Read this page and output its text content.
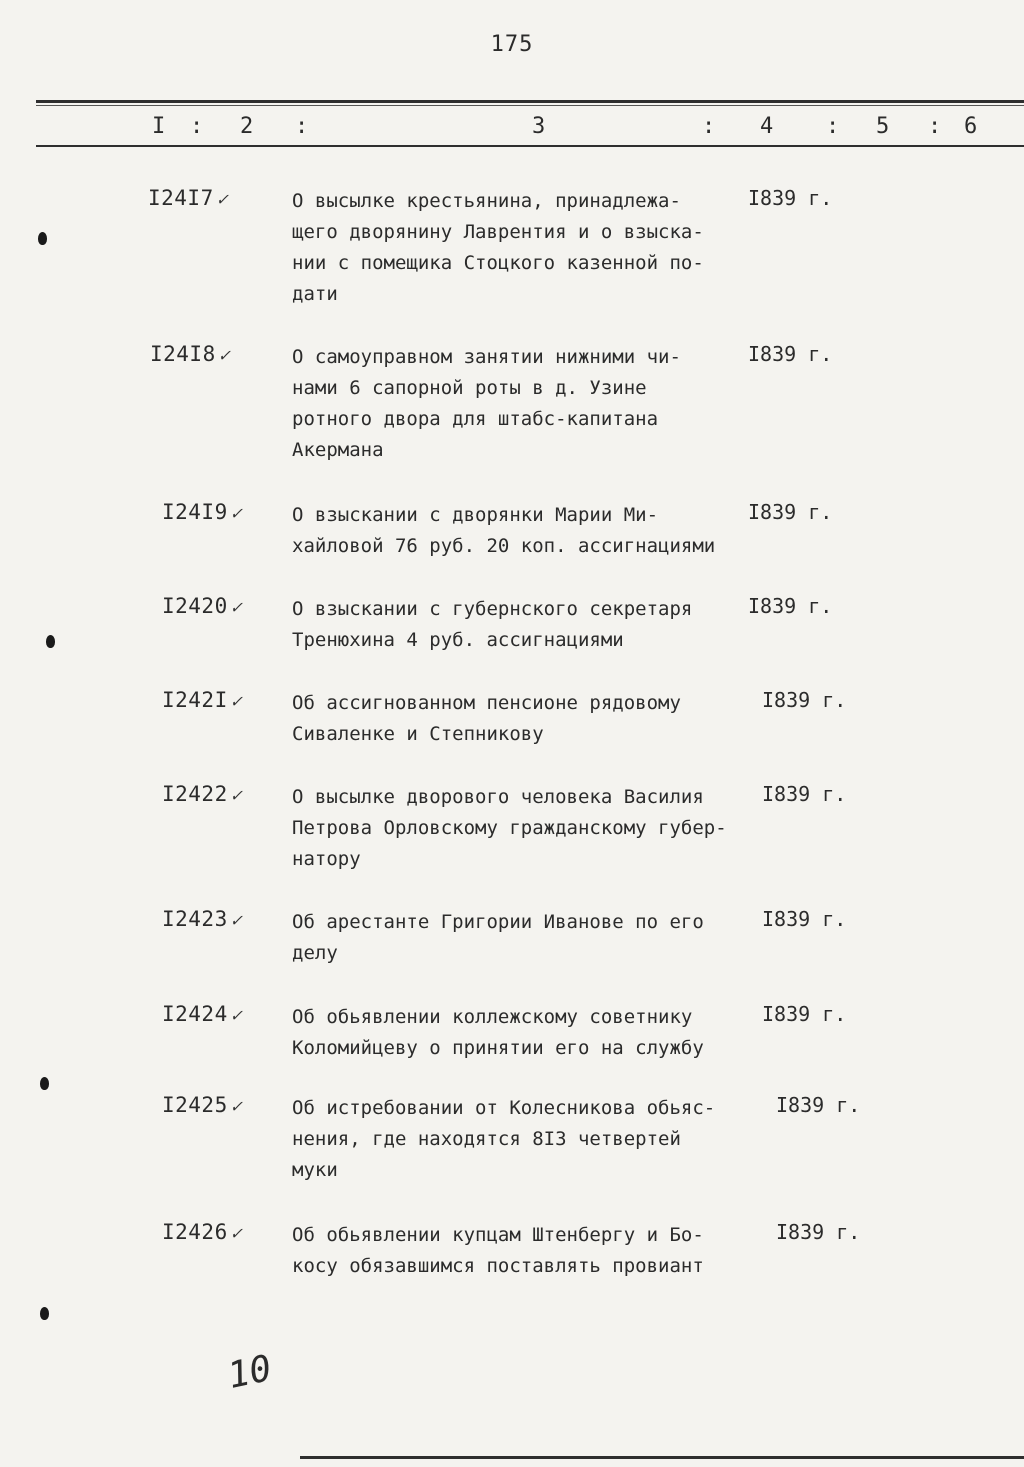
175
I : 2 :	3	: 4 : 5 : 6
I24I7 ✓	О высылке крестьянина, принадлежа-
щего дворянину Лаврентия и о взыска-
нии с помещика Стоцкого казенной по-
дати
I839 г.
I24I8 ✓	О самоуправном занятии нижними чи-
нами 6 сапорной роты в д. Узине
ротного двора для штабс-капитана
Акермана
I839 г.
I24I9 ✓	О взыскании с дворянки Марии Ми-
хайловой 76 руб. 20 коп. ассигнациями
I839 г.
I2420 ✓	О взыскании с губернского секретаря
Тренюхина 4 руб. ассигнациями
I839 г.
I242I ✓	Об ассигнованном пенсионе рядовому
Сиваленке и Степникову
I839 г.
I2422 ✓	О высылке дворового человека Василия
Петрова Орловскому гражданскому губер-
натору
I839 г.
I2423 ✓	Об арестанте Григории Иванове по его
делу
I839 г.
I2424 ✓	Об обьявлении коллежскому советнику
Коломийцеву о принятии его на службу
I839 г.
I2425 ✓	Об истребовании от Колесникова обьяс-
нения, где находятся 8I3 четвертей
муки
I839 г.
I2426 ✓	Об обьявлении купцам Штенбергу и Бо-
косу обязавшимся поставлять провиант
I839 г.
10
